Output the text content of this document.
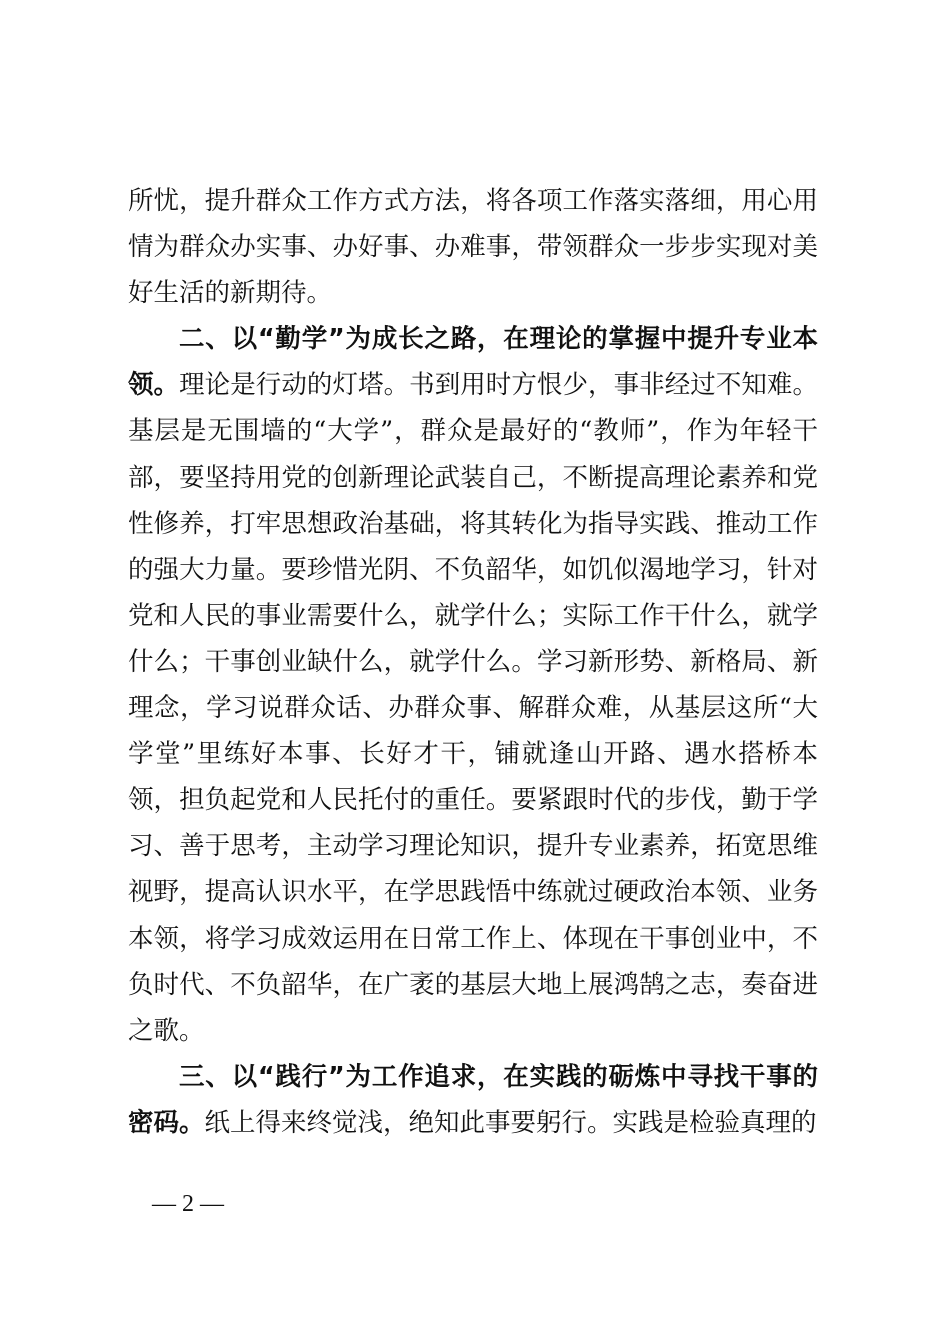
所忧，提升群众工作方式方法，将各项工作落实落细，用心用情为群众办实事、办好事、办难事，带领群众一步步实现对美好生活的新期待。

二、以“勤学”为成长之路，在理论的掌握中提升专业本领。理论是行动的灯塔。书到用时方恨少，事非经过不知难。基层是无围墙的“大学”，群众是最好的“教师”，作为年轻干部，要坚持用党的创新理论武装自己，不断提高理论素养和党性修养，打牢思想政治基础，将其转化为指导实践、推动工作的强大力量。要珍惜光阴、不负韶华，如饥似渴地学习，针对党和人民的事业需要什么，就学什么；实际工作干什么，就学什么；干事创业缺什么，就学什么。学习新形势、新格局、新理念，学习说群众话、办群众事、解群众难，从基层这所“大学堂”里练好本事、长好才干，铺就逢山开路、遇水搭桥本领，担负起党和人民托付的重任。要紧跟时代的步伐，勤于学习、善于思考，主动学习理论知识，提升专业素养，拓宽思维视野，提高认识水平，在学思践悟中练就过硬政治本领、业务本领，将学习成效运用在日常工作上、体现在干事创业中，不负时代、不负韶华，在广袤的基层大地上展鸿鹄之志，奏奋进之歌。

三、以“践行”为工作追求，在实践的砺炼中寻找干事的密码。纸上得来终觉浅，绝知此事要躬行。实践是检验真理的

— 2 —
